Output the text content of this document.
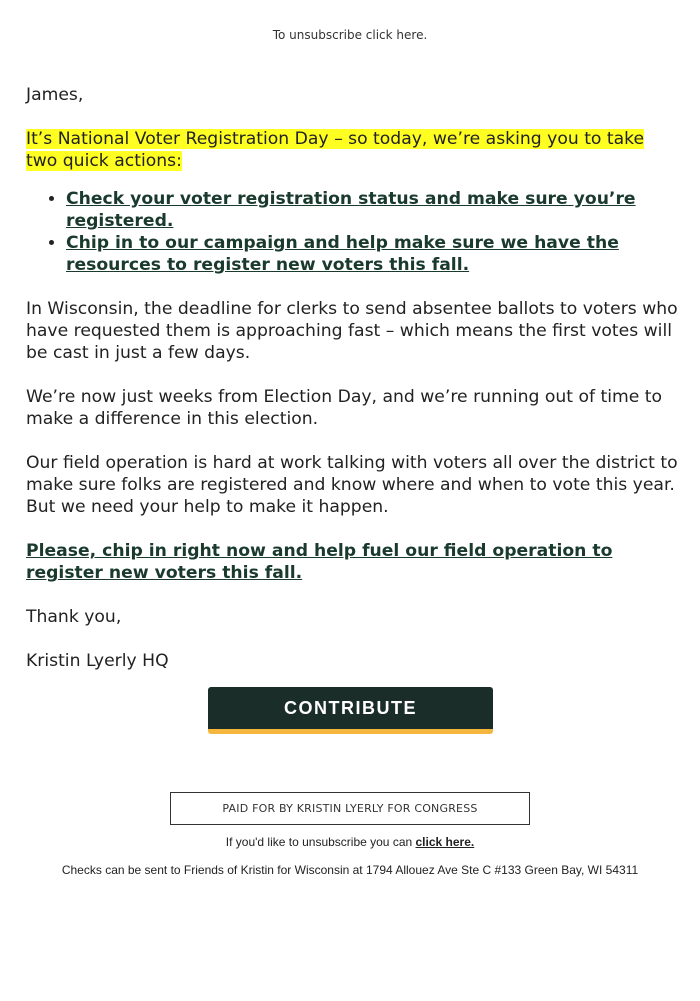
To unsubscribe click here.

James,

It’s National Voter Registration Day – so today, we’re asking you to take two quick actions:

• Check your voter registration status and make sure you’re registered.
• Chip in to our campaign and help make sure we have the resources to register new voters this fall.

In Wisconsin, the deadline for clerks to send absentee ballots to voters who have requested them is approaching fast – which means the first votes will be cast in just a few days.

We’re now just weeks from Election Day, and we’re running out of time to make a difference in this election.

Our field operation is hard at work talking with voters all over the district to make sure folks are registered and know where and when to vote this year. But we need your help to make it happen.

Please, chip in right now and help fuel our field operation to register new voters this fall.

Thank you,

Kristin Lyerly HQ

CONTRIBUTE
PAID FOR BY KRISTIN LYERLY FOR CONGRESS
If you'd like to unsubscribe you can click here.
Checks can be sent to Friends of Kristin for Wisconsin at 1794 Allouez Ave Ste C #133 Green Bay, WI 54311
